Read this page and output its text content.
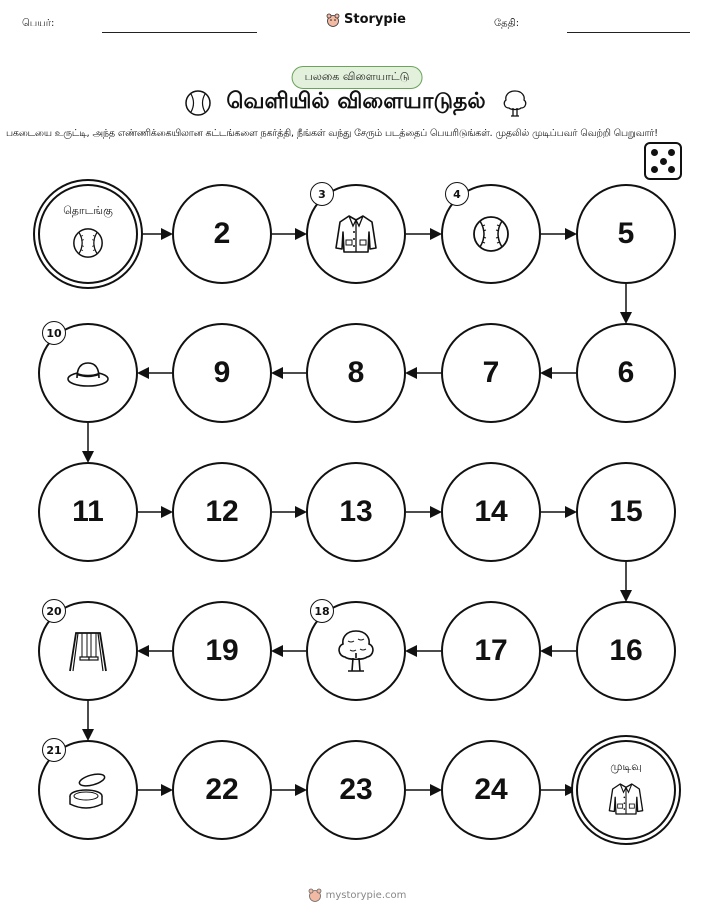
பெயர்:	Storypie	தேதி:
பலகை விளையாட்டு
வெளியில் விளையாடுதல்
பகடையை உருட்டி, அந்த எண்ணிக்கையிலான கட்டங்களை நகர்த்தி, நீங்கள் வந்து சேரும் படத்தைப் பெயரிடுங்கள். முதலில் முடிப்பவர் வெற்றி பெறுவார்!
தொடங்கு
2
3	4
5
6
7
8
9
10
11	12	13	14	15
16
17
18
19
20
21
22	23	24
முடிவு
mystorypie.com
